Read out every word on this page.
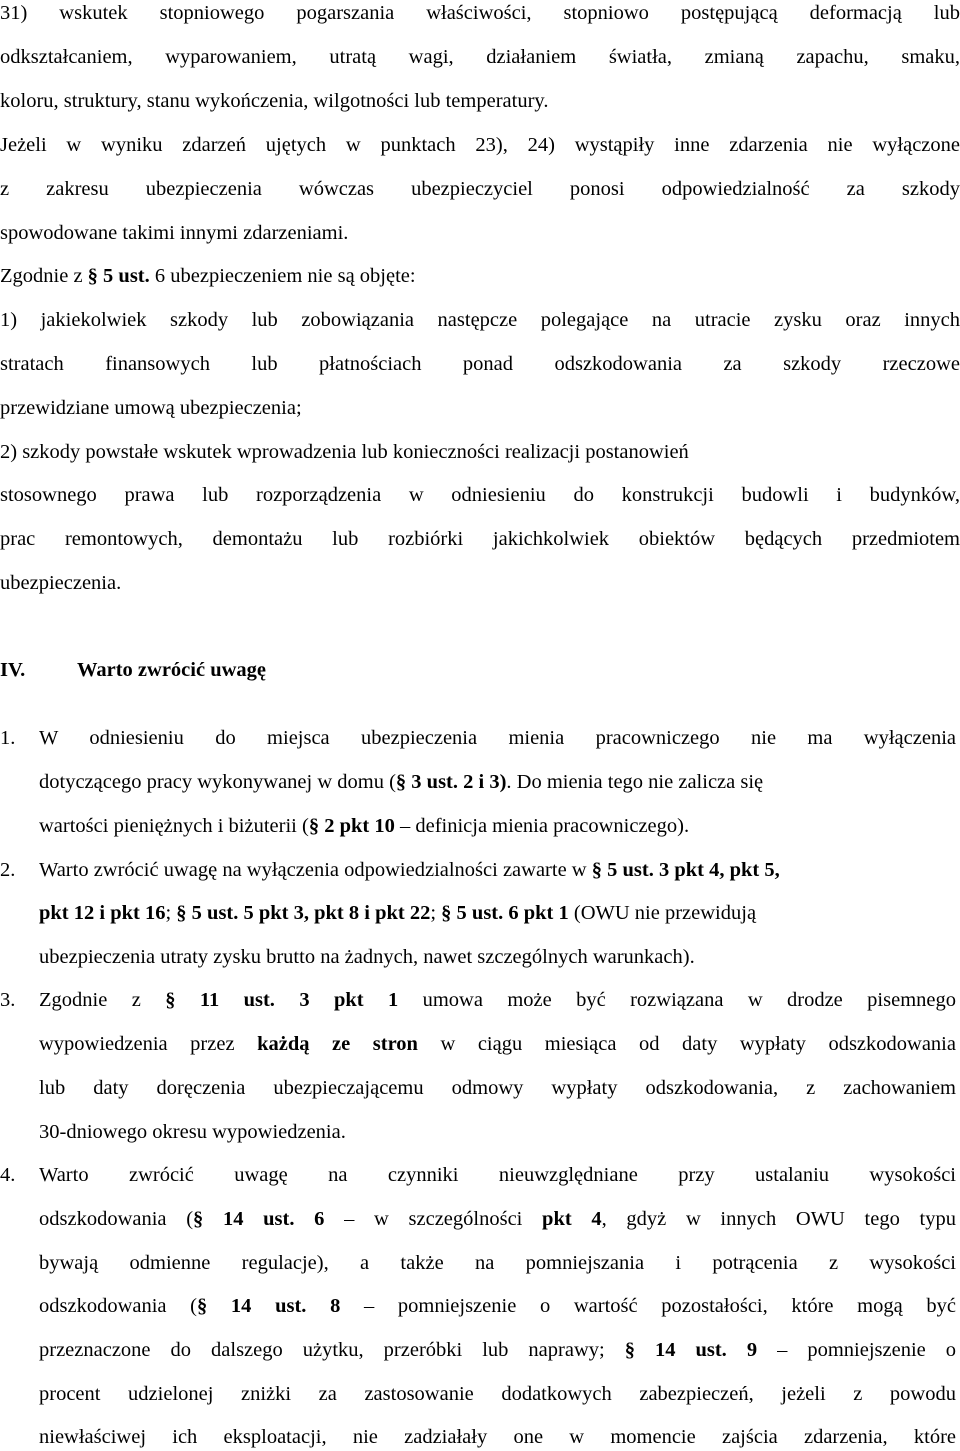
31) wskutek stopniowego pogarszania właściwości, stopniowo postępującą deformacją lub
odkształcaniem, wyparowaniem, utratą wagi, działaniem światła, zmianą zapachu, smaku,
koloru, struktury, stanu wykończenia, wilgotności lub temperatury.
Jeżeli w wyniku zdarzeń ujętych w punktach 23), 24) wystąpiły inne zdarzenia nie wyłączone
z zakresu ubezpieczenia wówczas ubezpieczyciel ponosi odpowiedzialność za szkody
spowodowane takimi innymi zdarzeniami.
Zgodnie z § 5 ust. 6 ubezpieczeniem nie są objęte:
1) jakiekolwiek szkody lub zobowiązania następcze polegające na utracie zysku oraz innych
stratach finansowych lub płatnościach ponad odszkodowania za szkody rzeczowe
przewidziane umową ubezpieczenia;
2) szkody powstałe wskutek wprowadzenia lub konieczności realizacji postanowień
stosownego prawa lub rozporządzenia w odniesieniu do konstrukcji budowli i budynków,
prac remontowych, demontażu lub rozbiórki jakichkolwiek obiektów będących przedmiotem
ubezpieczenia.
W odniesieniu do miejsca ubezpieczenia mienia pracowniczego nie ma wyłączenia
dotyczącego pracy wykonywanej w domu (§ 3 ust. 2 i 3). Do mienia tego nie zalicza się
wartości pieniężnych i biżuterii (§ 2 pkt 10 – definicja mienia pracowniczego).
Warto zwrócić uwagę na wyłączenia odpowiedzialności zawarte w § 5 ust. 3 pkt 4, pkt 5,
pkt 12 i pkt 16; § 5 ust. 5 pkt 3, pkt 8 i pkt 22; § 5 ust. 6 pkt 1 (OWU nie przewidują
ubezpieczenia utraty zysku brutto na żadnych, nawet szczególnych warunkach).
Zgodnie z § 11 ust. 3 pkt 1 umowa może być rozwiązana w drodze pisemnego
wypowiedzenia przez każdą ze stron w ciągu miesiąca od daty wypłaty odszkodowania
lub daty doręczenia ubezpieczającemu odmowy wypłaty odszkodowania, z zachowaniem
30-dniowego okresu wypowiedzenia.
Warto zwrócić uwagę na czynniki nieuwzględniane przy ustalaniu wysokości
odszkodowania (§ 14 ust. 6 – w szczególności pkt 4, gdyż w innych OWU tego typu
bywają odmienne regulacje), a także na pomniejszania i potrącenia z wysokości
odszkodowania (§ 14 ust. 8 – pomniejszenie o wartość pozostałości, które mogą być
przeznaczone do dalszego użytku, przeróbki lub naprawy; § 14 ust. 9 – pomniejszenie o
procent udzielonej zniżki za zastosowanie dodatkowych zabezpieczeń, jeżeli z powodu
niewłaściwej ich eksploatacji, nie zadziałały one w momencie zajścia zdarzenia, które
1.
2.
3.
4.
IV.	Warto zwrócić uwagę
